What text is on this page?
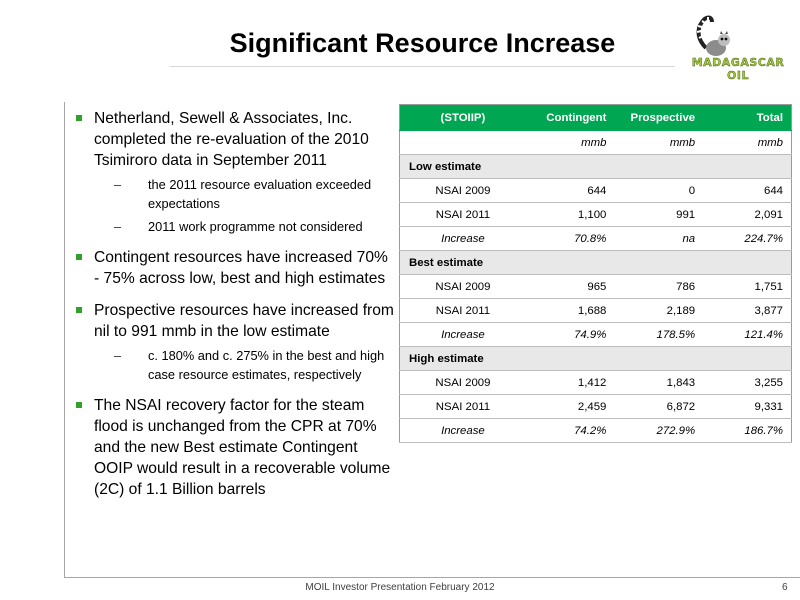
Significant Resource Increase
MADAGASCAR OIL
Netherland, Sewell & Associates, Inc. completed the re-evaluation of the 2010 Tsimiroro data in September 2011
–	the 2011 resource evaluation exceeded expectations
–	2011 work programme not considered
Contingent resources have increased 70% - 75% across low, best and high estimates
Prospective resources have increased from nil to 991 mmb in the low estimate
–	c. 180% and c. 275% in the best and high case resource estimates, respectively
The NSAI recovery factor for the steam flood is unchanged from the CPR at 70% and the new Best estimate Contingent OOIP would result in a recoverable volume (2C) of 1.1 Billion barrels
(STOIIP)	Contingent	Prospective	Total
	mmb	mmb	mmb
Low estimate			
NSAI 2009	644	0	644
NSAI 2011	1,100	991	2,091
Increase	70.8%	na	224.7%
Best estimate			
NSAI 2009	965	786	1,751
NSAI 2011	1,688	2,189	3,877
Increase	74.9%	178.5%	121.4%
High estimate			
NSAI 2009	1,412	1,843	3,255
NSAI 2011	2,459	6,872	9,331
Increase	74.2%	272.9%	186.7%
MOIL Investor Presentation February 2012	6
